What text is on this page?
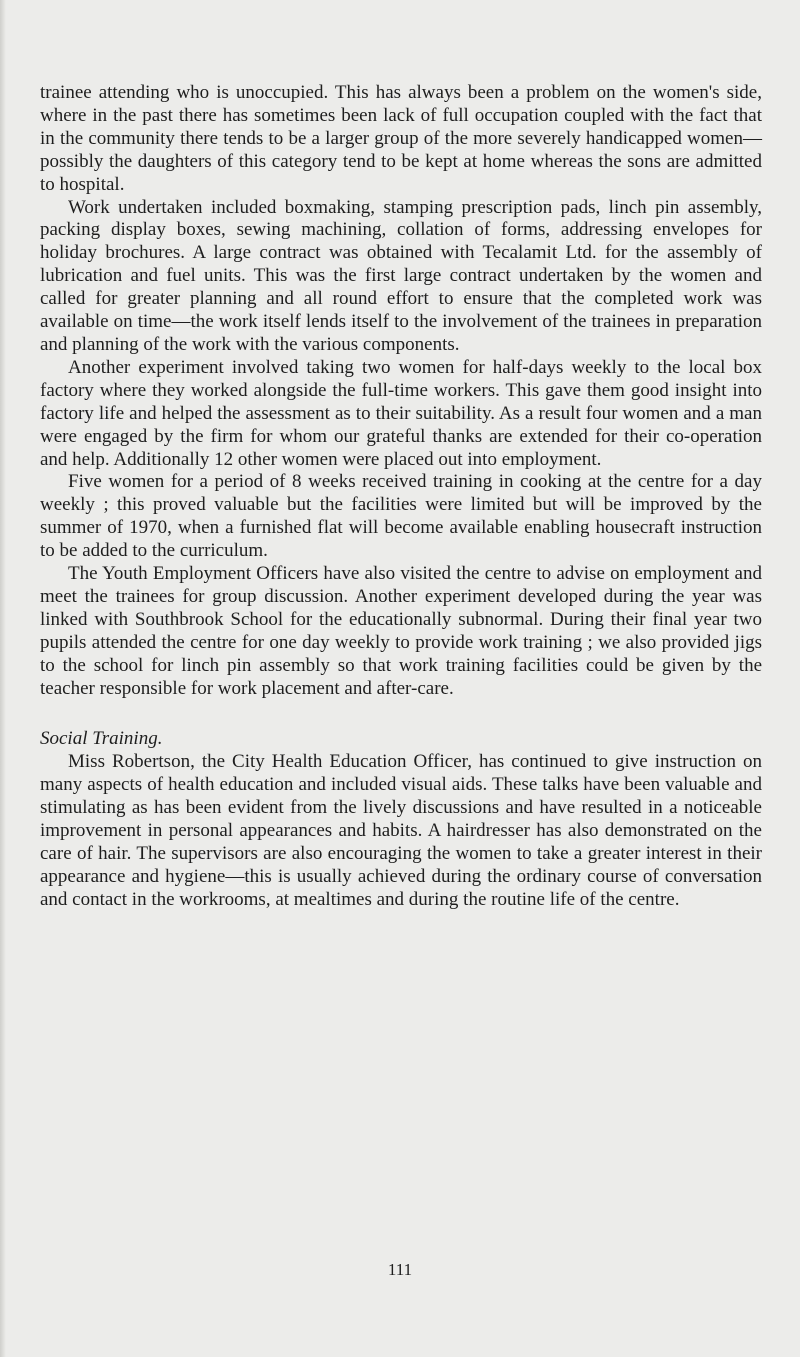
trainee attending who is unoccupied. This has always been a problem on the women's side, where in the past there has sometimes been lack of full occupation coupled with the fact that in the community there tends to be a larger group of the more severely handicapped women—possibly the daughters of this category tend to be kept at home whereas the sons are admitted to hospital.

Work undertaken included boxmaking, stamping prescription pads, linch pin assembly, packing display boxes, sewing machining, collation of forms, addressing envelopes for holiday brochures. A large contract was obtained with Tecalamit Ltd. for the assembly of lubrication and fuel units. This was the first large contract undertaken by the women and called for greater planning and all round effort to ensure that the completed work was available on time—the work itself lends itself to the involvement of the trainees in preparation and planning of the work with the various components.

Another experiment involved taking two women for half-days weekly to the local box factory where they worked alongside the full-time workers. This gave them good insight into factory life and helped the assessment as to their suitability. As a result four women and a man were engaged by the firm for whom our grateful thanks are extended for their co-operation and help. Additionally 12 other women were placed out into employment.

Five women for a period of 8 weeks received training in cooking at the centre for a day weekly ; this proved valuable but the facilities were limited but will be improved by the summer of 1970, when a furnished flat will become available enabling housecraft instruction to be added to the curriculum.

The Youth Employment Officers have also visited the centre to advise on employment and meet the trainees for group discussion. Another experiment developed during the year was linked with Southbrook School for the educationally subnormal. During their final year two pupils attended the centre for one day weekly to provide work training ; we also provided jigs to the school for linch pin assembly so that work training facilities could be given by the teacher responsible for work placement and after-care.

Social Training.

Miss Robertson, the City Health Education Officer, has continued to give instruction on many aspects of health education and included visual aids. These talks have been valuable and stimulating as has been evident from the lively discussions and have resulted in a noticeable improvement in personal appearances and habits. A hairdresser has also demonstrated on the care of hair. The supervisors are also encouraging the women to take a greater interest in their appearance and hygiene—this is usually achieved during the ordinary course of conversation and contact in the workrooms, at mealtimes and during the routine life of the centre.

111
